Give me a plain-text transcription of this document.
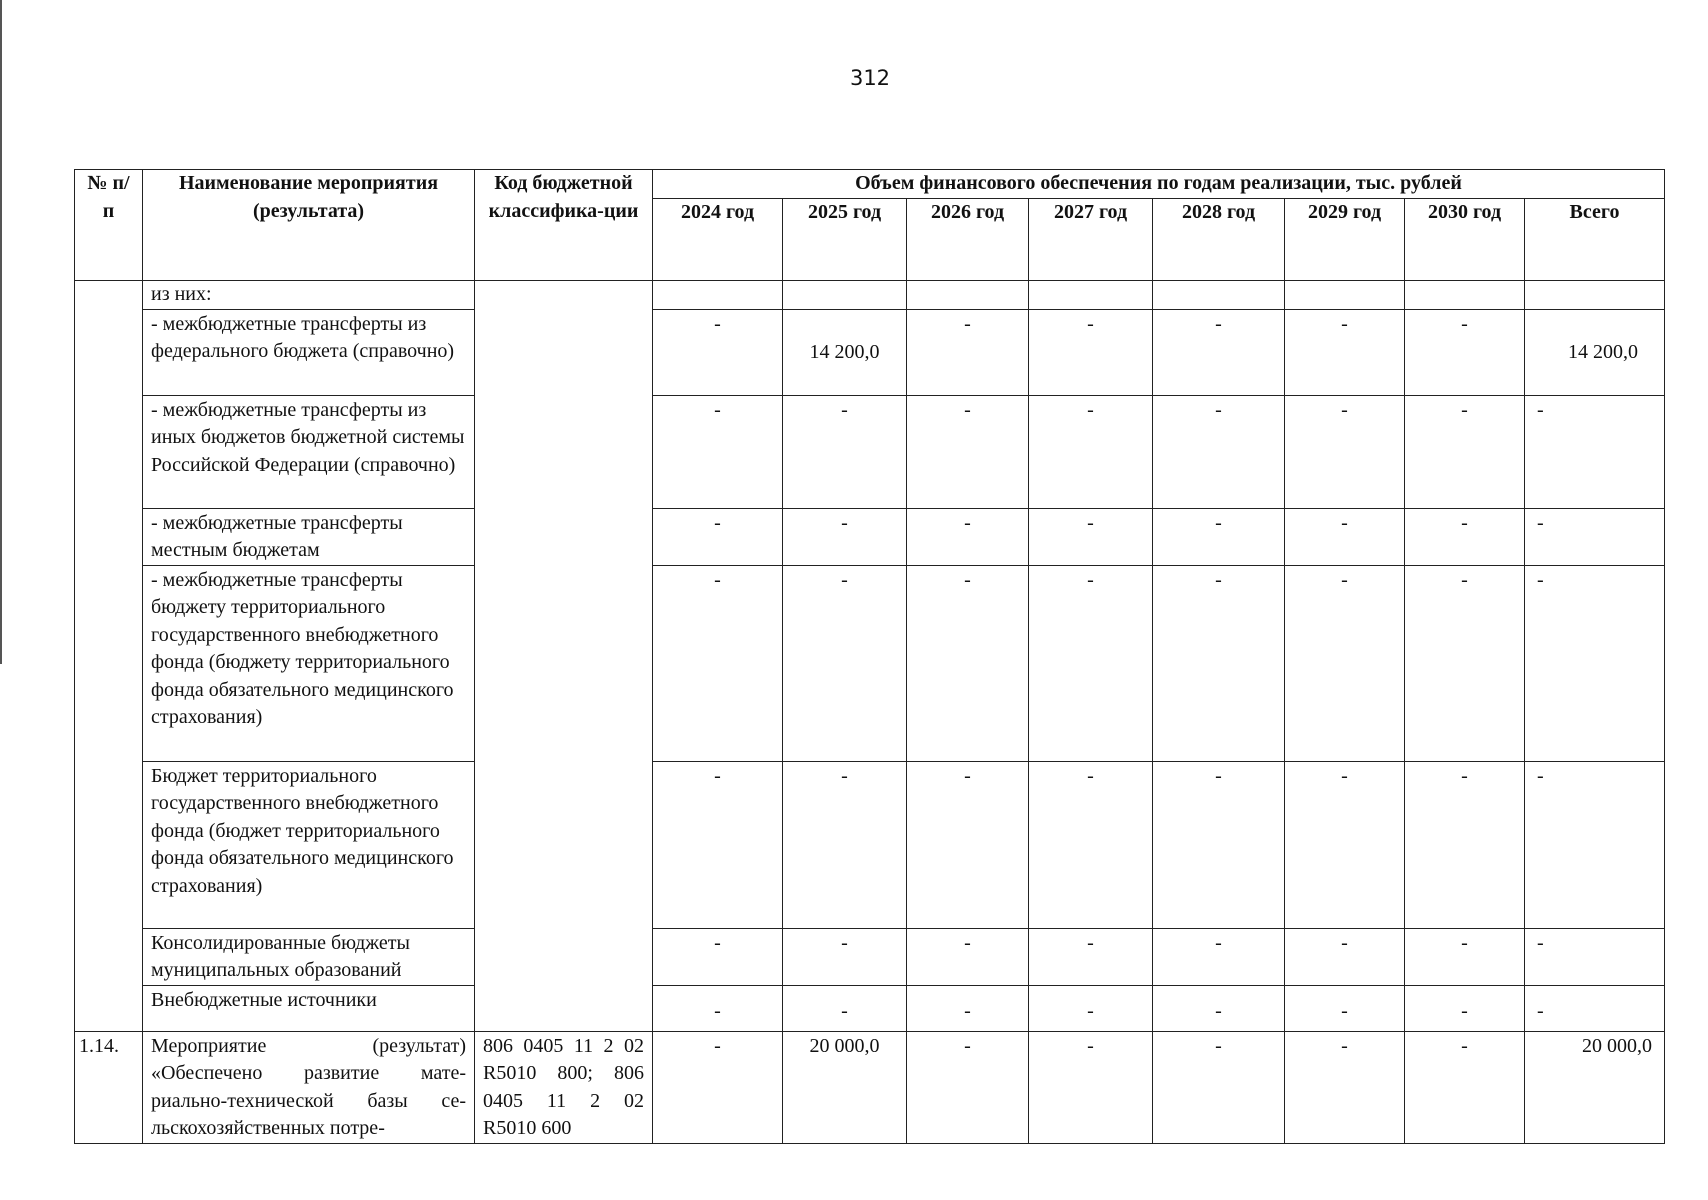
312
№ п/п	Наименование мероприятия (результата)	Код бюджетной классифика-ции	Объем финансового обеспечения по годам реализации, тыс. рублей							
			2024 год	2025 год	2026 год	2027 год	2028 год	2029 год	2030 год	Всего
	из них:									
	- межбюджетные трансферты из федерального бюджета (справочно)		-	14 200,0	-	-	-	-	-	14 200,0
	- межбюджетные трансферты из иных бюджетов бюджетной системы Российской Федерации (справочно)		-	-	-	-	-	-	-	-
	- межбюджетные трансферты местным бюджетам		-	-	-	-	-	-	-	-
	- межбюджетные трансферты бюджету территориального государственного внебюджетного фонда (бюджету территориального фонда обязательного медицинского страхования)		-	-	-	-	-	-	-	-
	Бюджет территориального государственного внебюджетного фонда (бюджет территориального фонда обязательного медицинского страхования)		-	-	-	-	-	-	-	-
	Консолидированные бюджеты муниципальных образований		-	-	-	-	-	-	-	-
	Внебюджетные источники		-	-	-	-	-	-	-	-
1.14.	Мероприятие (результат) «Обеспечено развитие мате-риально-технической базы се-льскохозяйственных потре-	806 0405 11 2 02 R5010 800; 806 0405 11 2 02 R5010 600	-	20 000,0	-	-	-	-	-	20 000,0
